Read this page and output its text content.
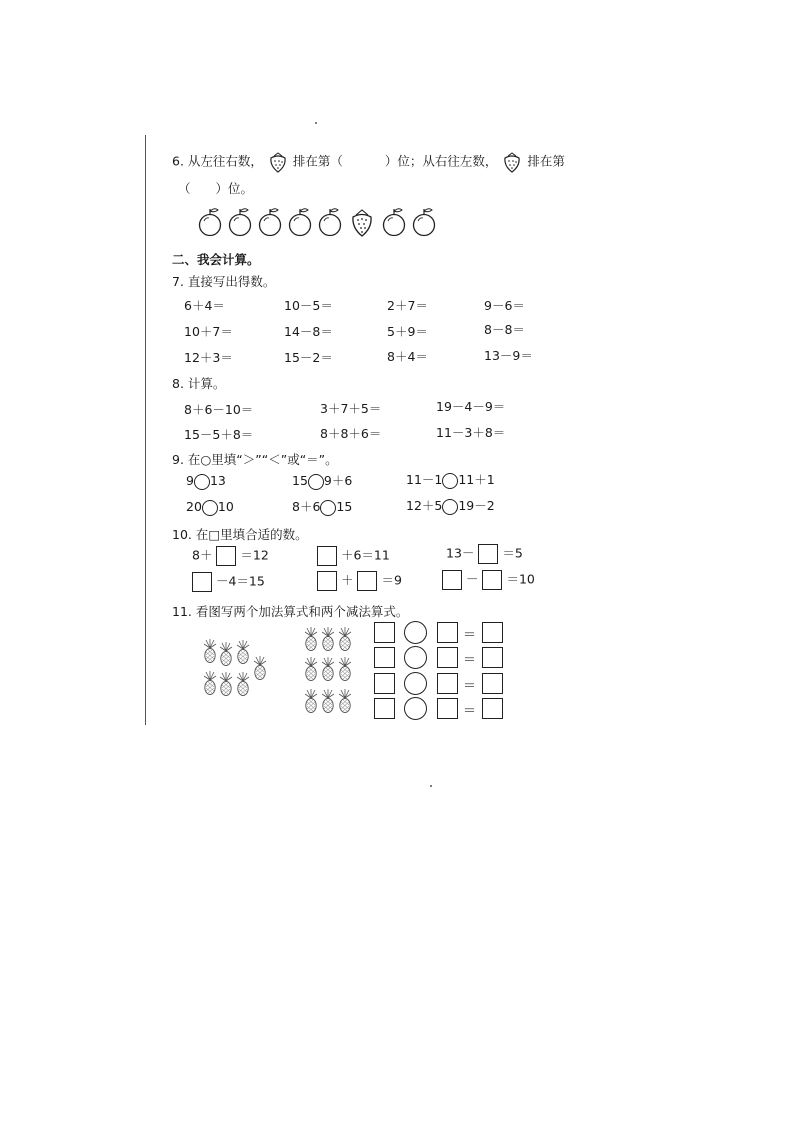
6. 从左往右数， 排在第（	）位；从右往左数， 排在第
（　　）位。
二、我会计算。
7. 直接写出得数。
6＋4＝	10－5＝	2＋7＝	9－6＝
10＋7＝	14－8＝	5＋9＝	8－8＝
12＋3＝	15－2＝	8＋4＝	13－9＝
8. 计算。
8＋6－10＝	3＋7＋5＝	19－4－9＝
15－5＋8＝	8＋8＋6＝	11－3＋8＝
9. 在○里填“＞”“＜”或“＝”。
9 13	15 9＋6	11－1 11＋1
20 10	8＋6 15	12＋5 19－2
10. 在□里填合适的数。
8＋ ＝12	＋6＝11	13－ ＝5
－4＝15	＋ ＝9	－ ＝10
11. 看图写两个加法算式和两个减法算式。
＝
＝
＝
＝
